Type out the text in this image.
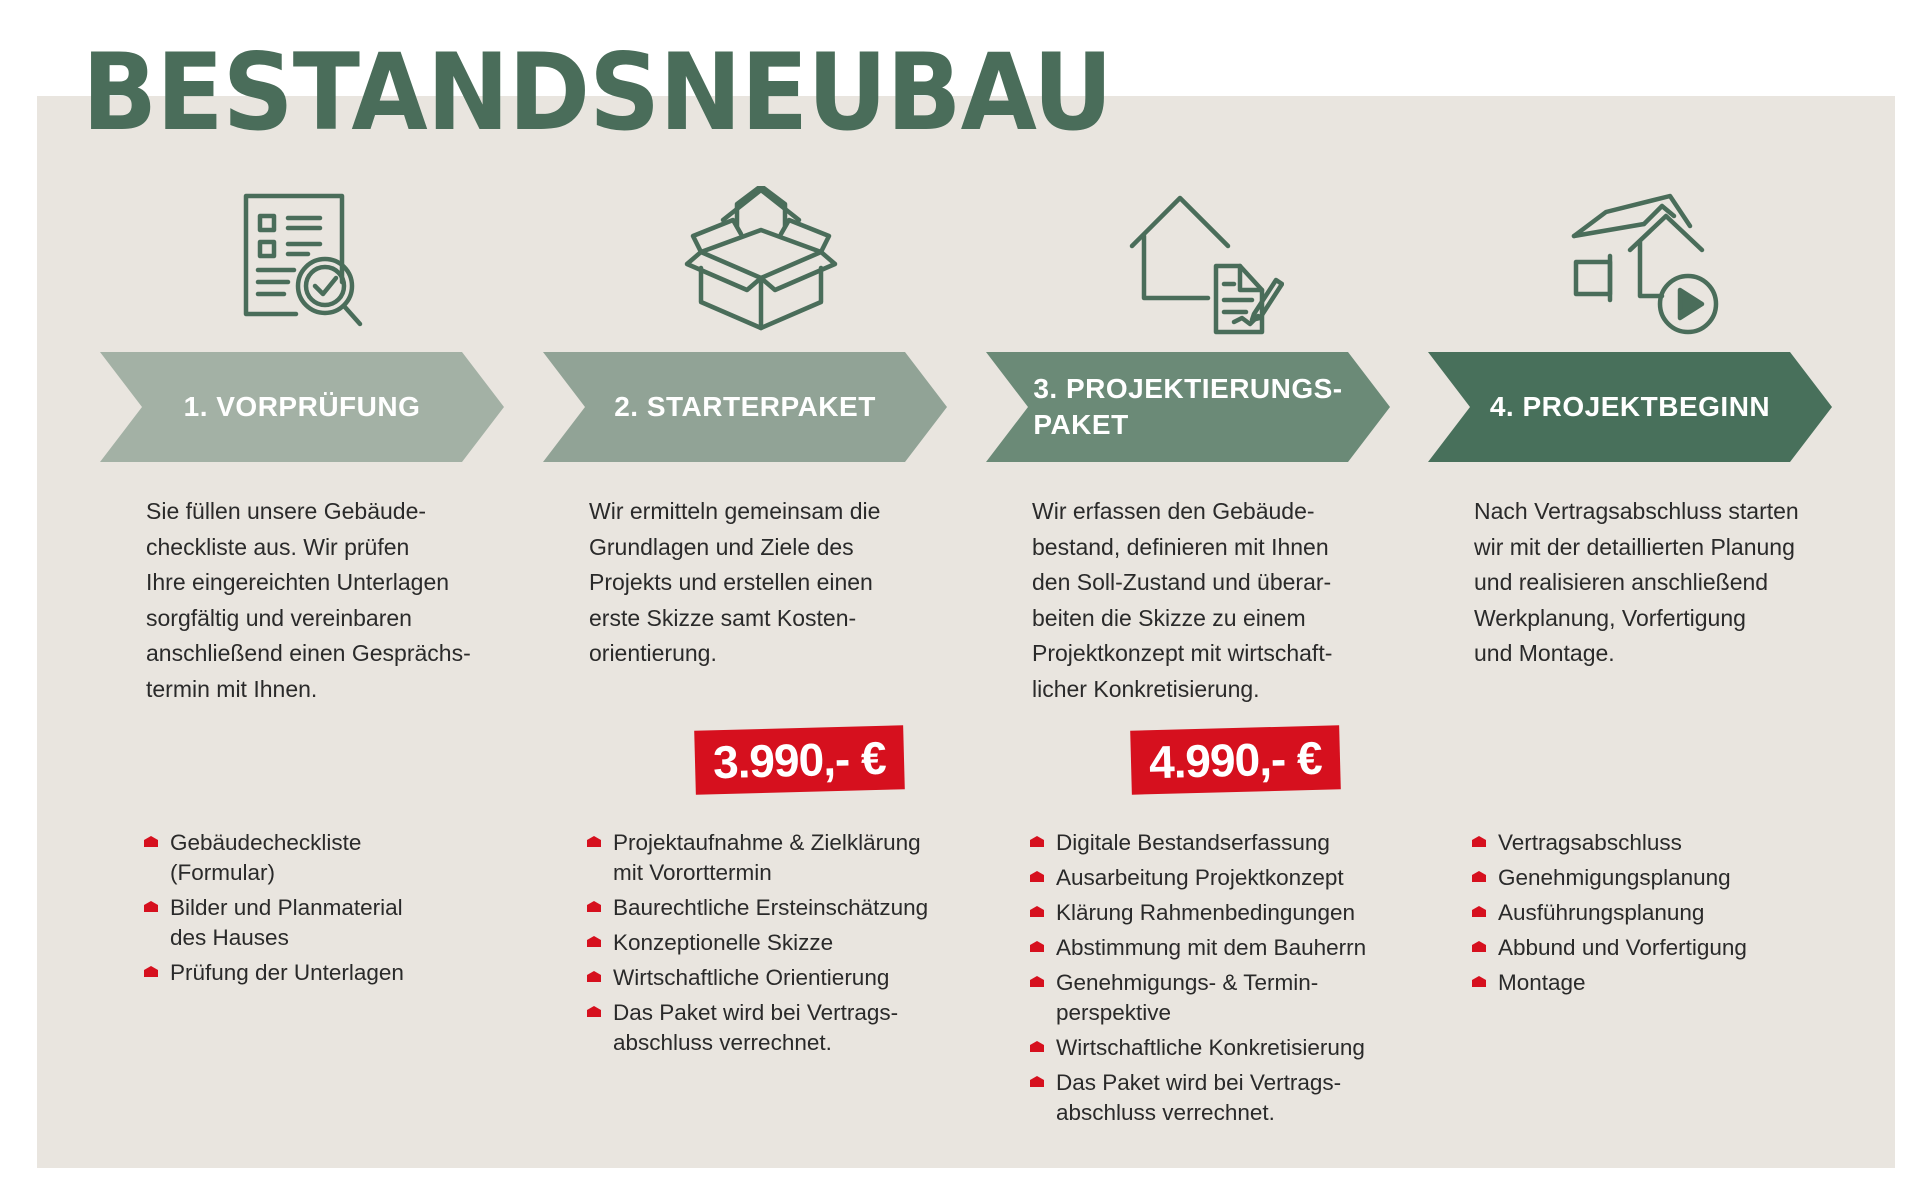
BESTANDSNEUBAU
1. VORPRÜFUNG
Sie füllen unsere Gebäude-
checklistе aus. Wir prüfen
Ihre eingereichten Unterlagen
sorgfältig und vereinbaren
anschließend einen Gesprächs-
termin mit Ihnen.
Gebäudecheckliste
(Formular)
Bilder und Planmaterial
des Hauses
Prüfung der Unterlagen
2. STARTERPAKET
Wir ermitteln gemeinsam die
Grundlagen und Ziele des
Projekts und erstellen einen
erste Skizze samt Kosten-
orientierung.
3.990,- €
Projektaufnahme & Zielklärung
mit Vororttermin
Baurechtliche Ersteinschätzung
Konzeptionelle Skizze
Wirtschaftliche Orientierung
Das Paket wird bei Vertrags-
abschluss verrechnet.
3. PROJEKTIERUNGS-
PAKET
Wir erfassen den Gebäude-
bestand, definieren mit Ihnen
den Soll-Zustand und überar-
beiten die Skizze zu einem
Projektkonzept mit wirtschaft-
licher Konkretisierung.
4.990,- €
Digitale Bestandserfassung
Ausarbeitung Projektkonzept
Klärung Rahmenbedingungen
Abstimmung mit dem Bauherrn
Genehmigungs- & Termin-
perspektive
Wirtschaftliche Konkretisierung
Das Paket wird bei Vertrags-
abschluss verrechnet.
4. PROJEKTBEGINN
Nach Vertragsabschluss starten
wir mit der detaillierten Planung
und realisieren anschließend
Werkplanung, Vorfertigung
und Montage.
Vertragsabschluss
Genehmigungsplanung
Ausführungsplanung
Abbund und Vorfertigung
Montage
